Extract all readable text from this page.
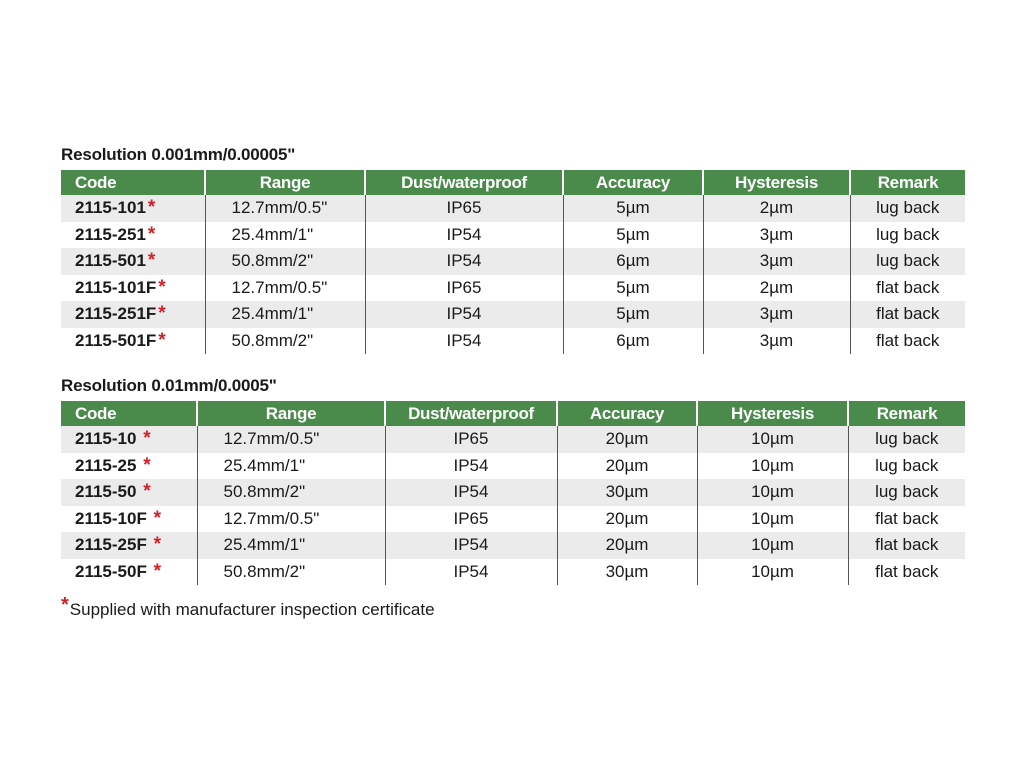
Resolution 0.001mm/0.00005"
Code	Range	Dust/waterproof	Accuracy	Hysteresis	Remark
2115-101 *	12.7mm/0.5"	IP65	5µm	2µm	lug back
2115-251 *	25.4mm/1"	IP54	5µm	3µm	lug back
2115-501 *	50.8mm/2"	IP54	6µm	3µm	lug back
2115-101F *	12.7mm/0.5"	IP65	5µm	2µm	flat back
2115-251F *	25.4mm/1"	IP54	5µm	3µm	flat back
2115-501F *	50.8mm/2"	IP54	6µm	3µm	flat back
Resolution 0.01mm/0.0005"
Code	Range	Dust/waterproof	Accuracy	Hysteresis	Remark
2115-10 *	12.7mm/0.5"	IP65	20µm	10µm	lug back
2115-25 *	25.4mm/1"	IP54	20µm	10µm	lug back
2115-50 *	50.8mm/2"	IP54	30µm	10µm	lug back
2115-10F *	12.7mm/0.5"	IP65	20µm	10µm	flat back
2115-25F *	25.4mm/1"	IP54	20µm	10µm	flat back
2115-50F *	50.8mm/2"	IP54	30µm	10µm	flat back
*Supplied with manufacturer inspection certificate
